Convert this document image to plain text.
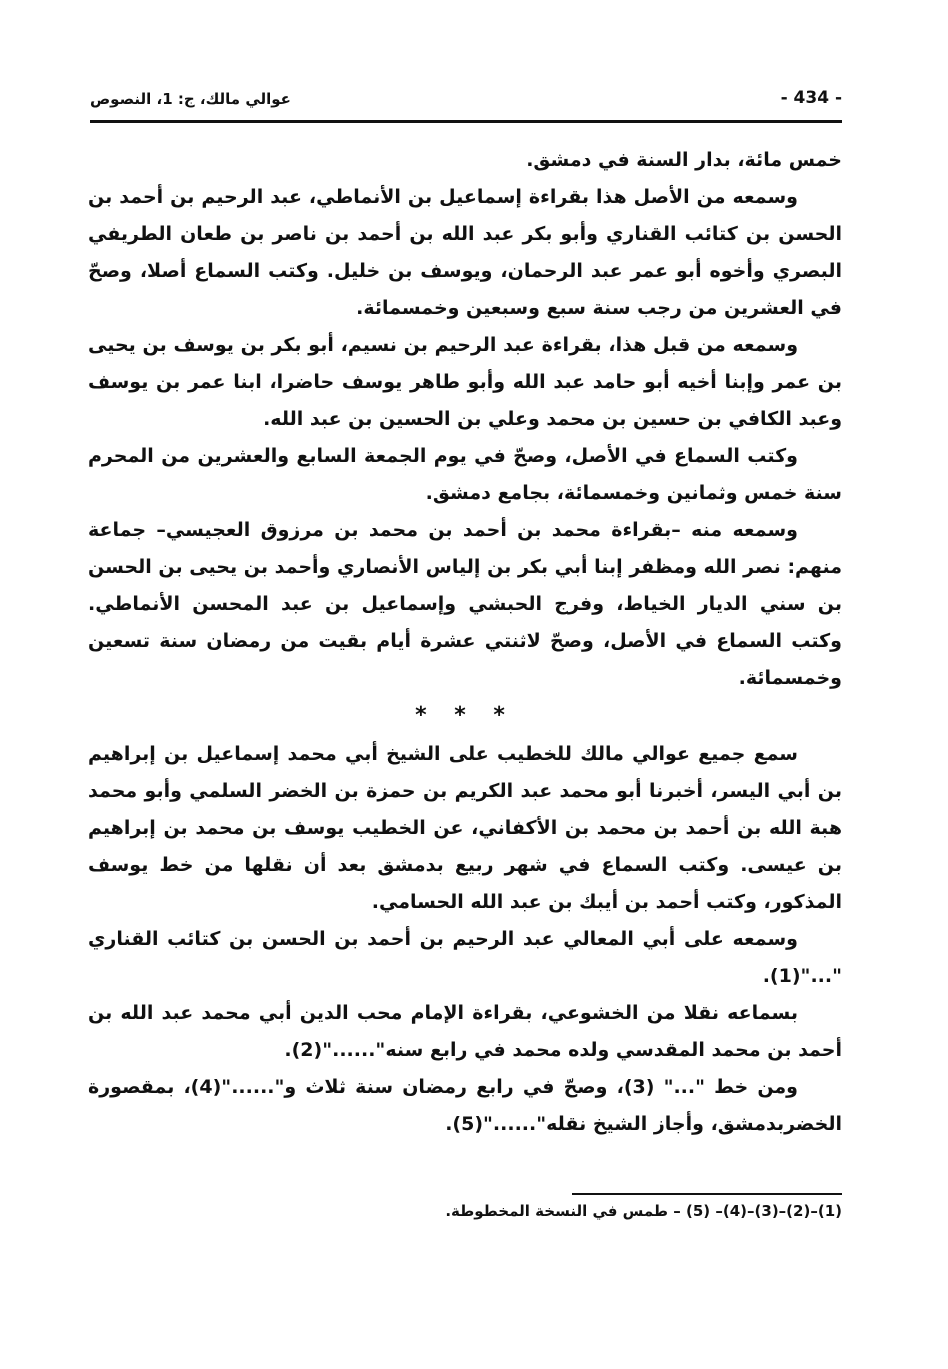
عوالي مالك، ج: 1، النصوص	- 434 -

خمس مائة، بدار السنة في دمشق.

وسمعه من الأصل هذا بقراءة إسماعيل بن الأنماطي، عبد الرحيم بن أحمد بن الحسن بن كتائب القناري وأبو بكر عبد الله بن أحمد بن ناصر بن طعان الطريفي البصري وأخوه أبو عمر عبد الرحمان، ويوسف بن خليل. وكتب السماع أصلا، وصحّ في العشرين من رجب سنة سبع وسبعين وخمسمائة.

وسمعه من قبل هذا، بقراءة عبد الرحيم بن نسيم، أبو بكر بن يوسف بن يحيى بن عمر وإبنا أخيه أبو حامد عبد الله وأبو طاهر يوسف حاضرا، ابنا عمر بن يوسف وعبد الكافي بن حسين بن محمد وعلي بن الحسين بن عبد الله.

وكتب السماع في الأصل، وصحّ في يوم الجمعة السابع والعشرين من المحرم سنة خمس وثمانين وخمسمائة، بجامع دمشق.

وسمعه منه –بقراءة محمد بن أحمد بن محمد بن مرزوق العجيسي– جماعة منهم: نصر الله ومظفر إبنا أبي بكر بن إلياس الأنصاري وأحمد بن يحيى بن الحسن بن سني الديار الخياط، وفرج الحبشي وإسماعيل بن عبد المحسن الأنماطي. وكتب السماع في الأصل، وصحّ لاثنتي عشرة أيام بقيت من رمضان سنة تسعين وخمسمائة.

* * *

سمع جميع عوالي مالك للخطيب على الشيخ أبي محمد إسماعيل بن إبراهيم بن أبي اليسر، أخبرنا أبو محمد عبد الكريم بن حمزة بن الخضر السلمي وأبو محمد هبة الله بن أحمد بن محمد بن الأكفاني، عن الخطيب يوسف بن محمد بن إبراهيم بن عيسى. وكتب السماع في شهر ربيع بدمشق بعد أن نقلها من خط يوسف المذكور، وكتب أحمد بن أيبك بن عبد الله الحسامي.

وسمعه على أبي المعالي عبد الرحيم بن أحمد بن الحسن بن كتائب القناري "..."(1).

بسماعه نقلا من الخشوعي، بقراءة الإمام محب الدين أبي محمد عبد الله بن أحمد بن محمد المقدسي ولده محمد في رابع سنه"......"(2).

ومن خط "..." (3)، وصحّ في رابع رمضان سنة ثلاث و"......"(4)، بمقصورة الخضربدمشق، وأجاز الشيخ نقله"......"(5).

(1)–(2)–(3)–(4)– (5) – طمس في النسخة المخطوطة.
